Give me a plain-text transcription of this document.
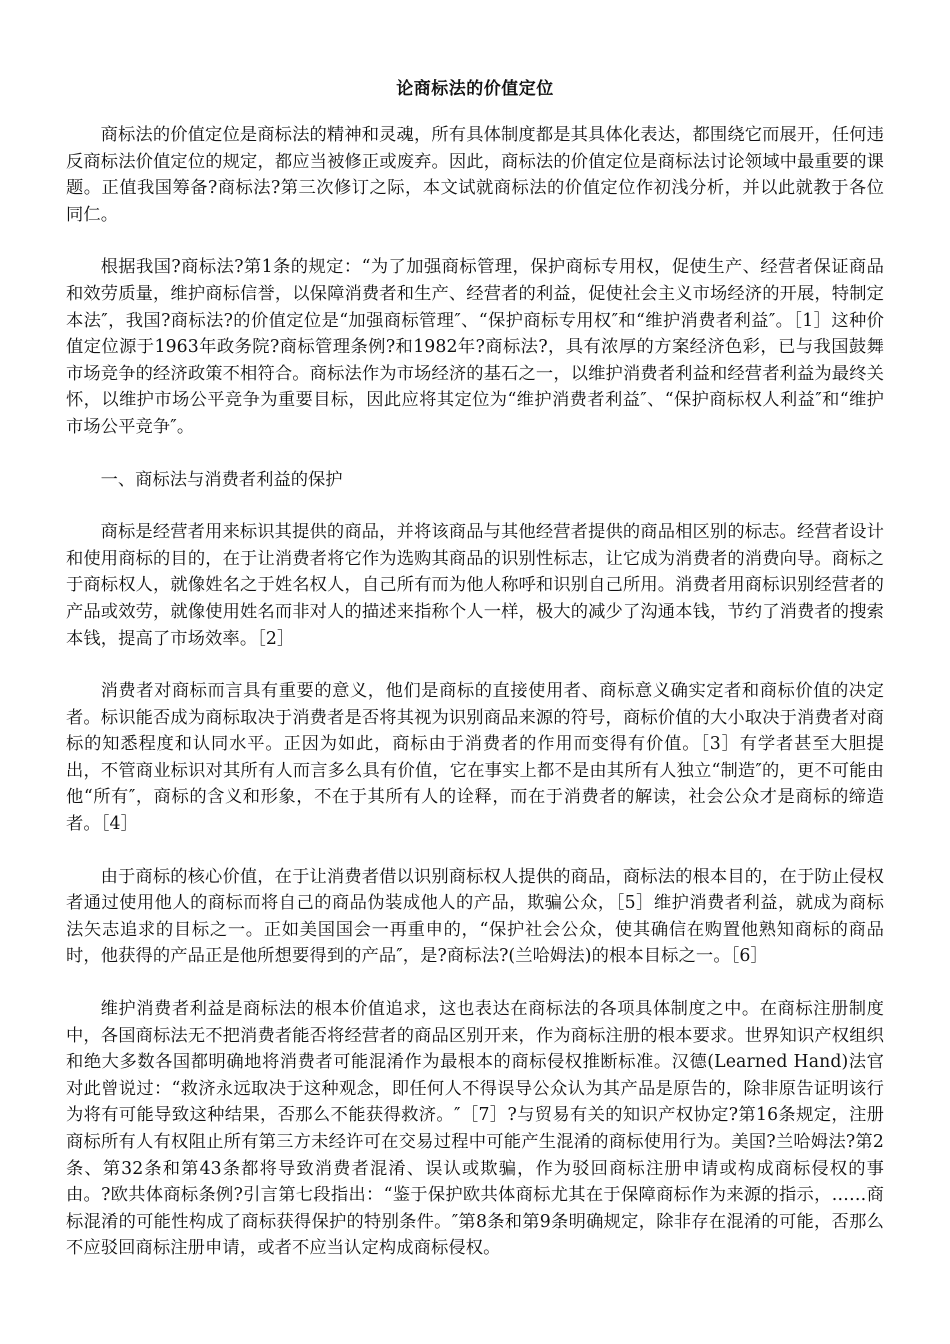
论商标法的价值定位

商标法的价值定位是商标法的精神和灵魂，所有具体制度都是其具体化表达，都围绕它而展开，任何违反商标法价值定位的规定，都应当被修正或废弃。因此，商标法的价值定位是商标法讨论领域中最重要的课题。正值我国筹备?商标法?第三次修订之际，本文试就商标法的价值定位作初浅分析，并以此就教于各位同仁。

根据我国?商标法?第1条的规定：“为了加强商标管理，保护商标专用权，促使生产、经营者保证商品和效劳质量，维护商标信誉，以保障消费者和生产、经营者的利益，促使社会主义市场经济的开展，特制定本法″，我国?商标法?的价值定位是“加强商标管理″、“保护商标专用权″和“维护消费者利益″。［1］这种价值定位源于1963年政务院?商标管理条例?和1982年?商标法?，具有浓厚的方案经济色彩，已与我国鼓舞市场竞争的经济政策不相符合。商标法作为市场经济的基石之一，以维护消费者利益和经营者利益为最终关怀，以维护市场公平竞争为重要目标，因此应将其定位为“维护消费者利益″、“保护商标权人利益″和“维护市场公平竞争″。

一、商标法与消费者利益的保护

商标是经营者用来标识其提供的商品，并将该商品与其他经营者提供的商品相区别的标志。经营者设计和使用商标的目的，在于让消费者将它作为选购其商品的识别性标志，让它成为消费者的消费向导。商标之于商标权人，就像姓名之于姓名权人，自己所有而为他人称呼和识别自己所用。消费者用商标识别经营者的产品或效劳，就像使用姓名而非对人的描述来指称个人一样，极大的减少了沟通本钱，节约了消费者的搜索本钱，提高了市场效率。［2］

消费者对商标而言具有重要的意义，他们是商标的直接使用者、商标意义确实定者和商标价值的决定者。标识能否成为商标取决于消费者是否将其视为识别商品来源的符号，商标价值的大小取决于消费者对商标的知悉程度和认同水平。正因为如此，商标由于消费者的作用而变得有价值。［3］有学者甚至大胆提出，不管商业标识对其所有人而言多么具有价值，它在事实上都不是由其所有人独立“制造″的，更不可能由他“所有″，商标的含义和形象，不在于其所有人的诠释，而在于消费者的解读，社会公众才是商标的缔造者。［4］

由于商标的核心价值，在于让消费者借以识别商标权人提供的商品，商标法的根本目的，在于防止侵权者通过使用他人的商标而将自己的商品伪装成他人的产品，欺骗公众，［5］维护消费者利益，就成为商标法矢志追求的目标之一。正如美国国会一再重申的，“保护社会公众，使其确信在购置他熟知商标的商品时，他获得的产品正是他所想要得到的产品″，是?商标法?(兰哈姆法)的根本目标之一。［6］

维护消费者利益是商标法的根本价值追求，这也表达在商标法的各项具体制度之中。在商标注册制度中，各国商标法无不把消费者能否将经营者的商品区别开来，作为商标注册的根本要求。世界知识产权组织和绝大多数各国都明确地将消费者可能混淆作为最根本的商标侵权推断标准。汉德(Learned Hand)法官对此曾说过：“救济永远取决于这种观念，即任何人不得误导公众认为其产品是原告的，除非原告证明该行为将有可能导致这种结果，否那么不能获得救济。″［7］?与贸易有关的知识产权协定?第16条规定，注册商标所有人有权阻止所有第三方未经许可在交易过程中可能产生混淆的商标使用行为。美国?兰哈姆法?第2条、第32条和第43条都将导致消费者混淆、误认或欺骗，作为驳回商标注册申请或构成商标侵权的事由。?欧共体商标条例?引言第七段指出：“鉴于保护欧共体商标尤其在于保障商标作为来源的指示，……商标混淆的可能性构成了商标获得保护的特别条件。″第8条和第9条明确规定，除非存在混淆的可能，否那么不应驳回商标注册申请，或者不应当认定构成商标侵权。
